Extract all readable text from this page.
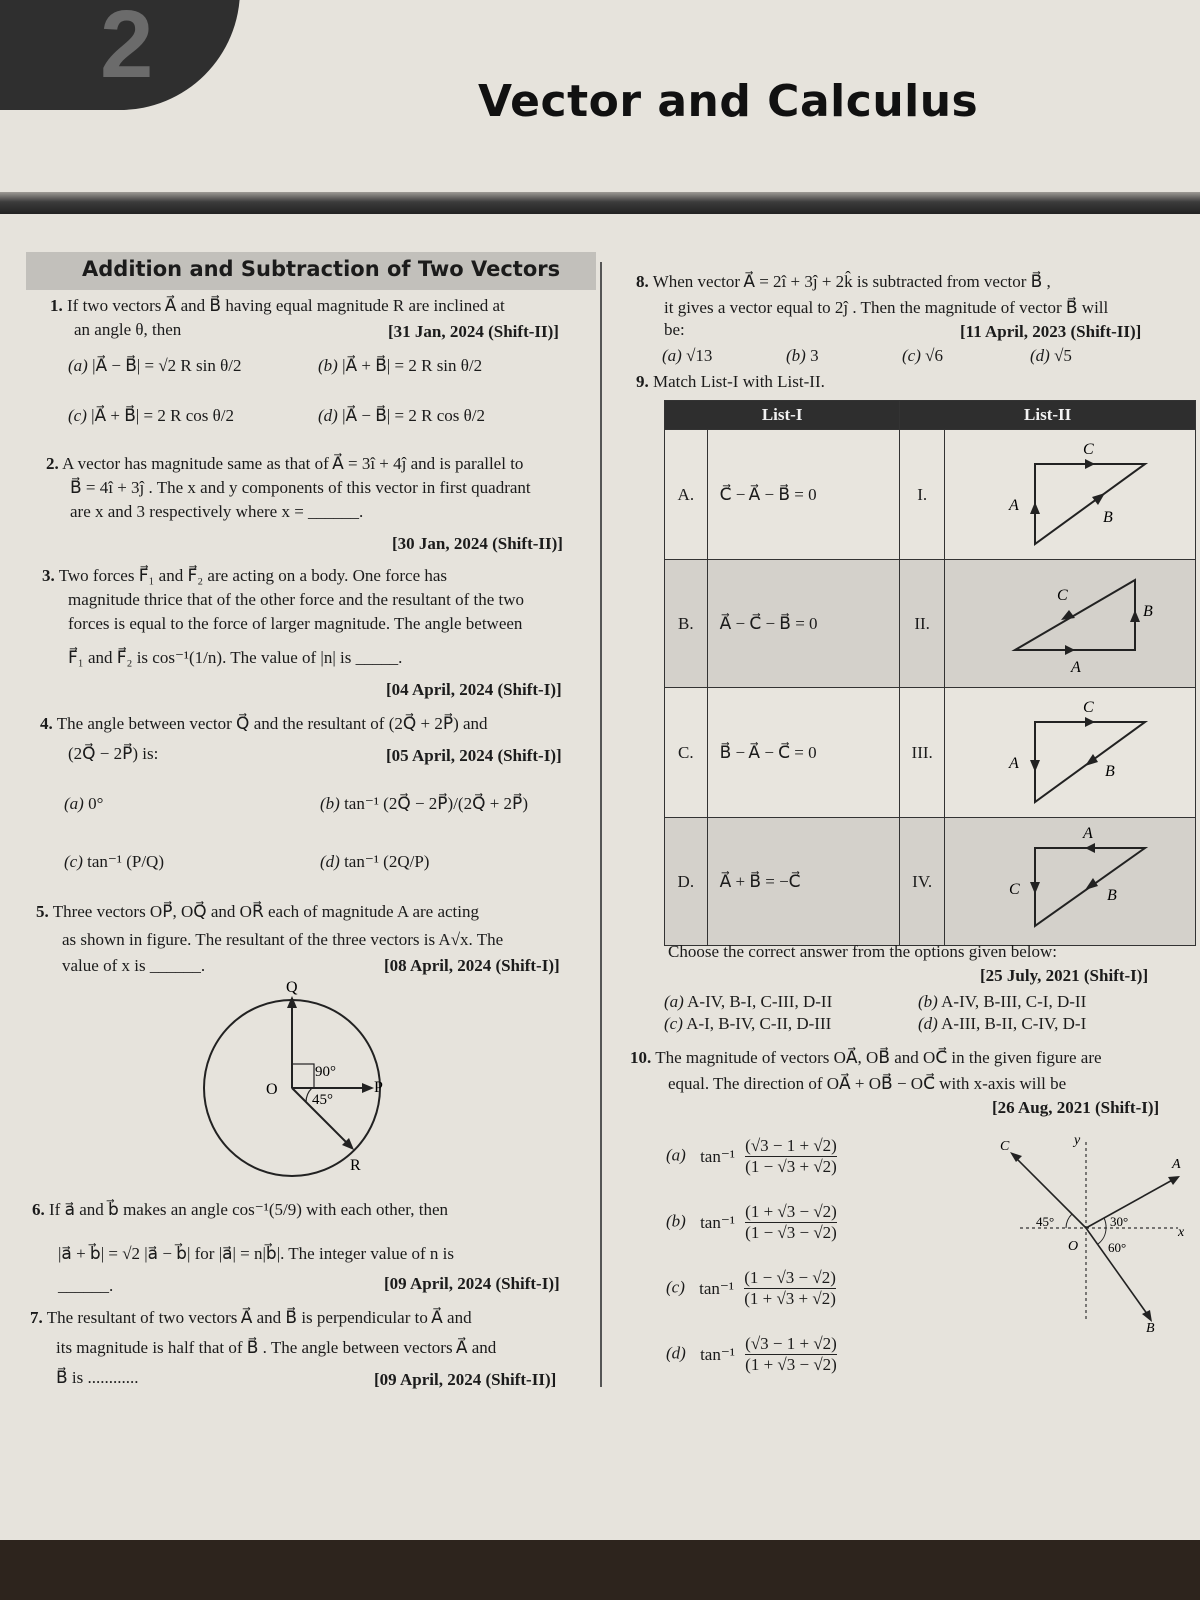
2
Vector and Calculus
Addition and Subtraction of Two Vectors
1. If two vectors A⃗ and B⃗ having equal magnitude R are inclined at
an angle θ, then	[31 Jan, 2024 (Shift-II)]
(a) |A⃗ − B⃗| = √2 R sin θ/2	(b) |A⃗ + B⃗| = 2 R sin θ/2
(c) |A⃗ + B⃗| = 2 R cos θ/2	(d) |A⃗ − B⃗| = 2 R cos θ/2
2. A vector has magnitude same as that of A⃗ = 3î + 4ĵ and is parallel to
B⃗ = 4î + 3ĵ . The x and y components of this vector in first quadrant
are x and 3 respectively where x = ______.
[30 Jan, 2024 (Shift-II)]
3. Two forces F⃗₁ and F⃗₂ are acting on a body. One force has
magnitude thrice that of the other force and the resultant of the two
forces is equal to the force of larger magnitude. The angle between
F⃗₁ and F⃗₂ is cos⁻¹(1/n). The value of |n| is _____.
[04 April, 2024 (Shift-I)]
4. The angle between vector Q⃗ and the resultant of (2Q⃗ + 2P⃗) and
(2Q⃗ − 2P⃗) is:	[05 April, 2024 (Shift-I)]
(a) 0°	(b) tan⁻¹ (2Q⃗ − 2P⃗)/(2Q⃗ + 2P⃗)
(c) tan⁻¹ (P/Q)	(d) tan⁻¹ (2Q/P)
5. Three vectors OP⃗, OQ⃗ and OR⃗ each of magnitude A are acting
as shown in figure. The resultant of the three vectors is A√x. The
value of x is ______.	[08 April, 2024 (Shift-I)]
Q
O	P
R
90°
45°
6. If a⃗ and b⃗ makes an angle cos⁻¹(5/9) with each other, then
|a⃗ + b⃗| = √2 |a⃗ − b⃗| for |a⃗| = n|b⃗|. The integer value of n is
______.	[09 April, 2024 (Shift-I)]
7. The resultant of two vectors A⃗ and B⃗ is perpendicular to A⃗ and
its magnitude is half that of B⃗ . The angle between vectors A⃗ and
B⃗ is ............	[09 April, 2024 (Shift-II)]
8. When vector A⃗ = 2î + 3ĵ + 2k̂ is subtracted from vector B⃗ ,
it gives a vector equal to 2ĵ . Then the magnitude of vector B⃗ will
be:	[11 April, 2023 (Shift-II)]
(a) √13	(b) 3	(c) √6	(d) √5
9. Match List-I with List-II.
List-I		List-II	
A.	C⃗ − A⃗ − B⃗ = 0	I.	C⃗
A⃗
B⃗

B.	A⃗ − C⃗ − B⃗ = 0	II.	C⃗
B⃗
A⃗

C.	B⃗ − A⃗ − C⃗ = 0	III.	C⃗
A⃗ B⃗

D.	A⃗ + B⃗ = −C⃗	IV.	A⃗
C⃗ B⃗
Choose the correct answer from the options given below:
[25 July, 2021 (Shift-I)]
(a) A-IV, B-I, C-III, D-II	(b) A-IV, B-III, C-I, D-II
(c) A-I, B-IV, C-II, D-III	(d) A-III, B-II, C-IV, D-I
10. The magnitude of vectors OA⃗, OB⃗ and OC⃗ in the given figure are
equal. The direction of OA⃗ + OB⃗ − OC⃗ with x-axis will be
[26 Aug, 2021 (Shift-I)]
(a) $\tan^{-1} \frac{(√3 - 1 + √2)}{(1 - √3 + √2)}$
(b) $\tan^{-1} \frac{(1 + √3 - √2)}{(1 - √3 - √2)}$
(c) $\tan^{-1} \frac{(1 - √3 - √2)}{(1 + √3 + √2)}$
(d) $\tan^{-1} \frac{(√3 - 1 + √2)}{(1 + √3 - √2)}$
y
x
A
B
C
O
45°	30°
60°
